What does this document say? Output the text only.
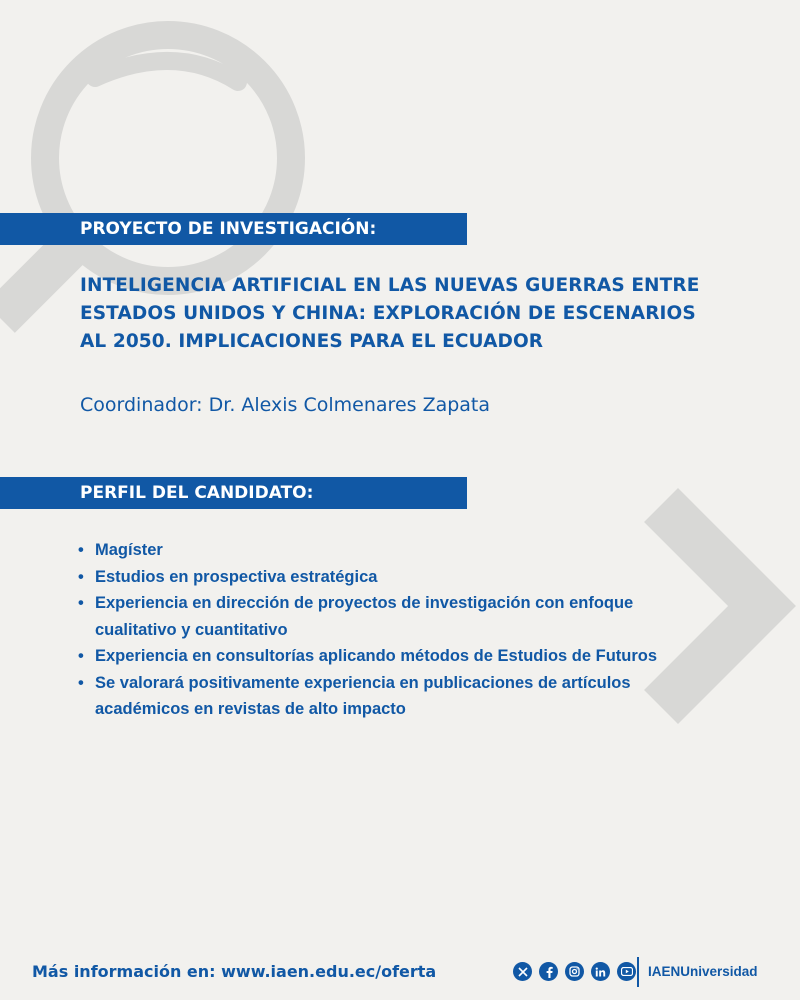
PROYECTO DE INVESTIGACIÓN:
INTELIGENCIA ARTIFICIAL EN LAS NUEVAS GUERRAS ENTRE
ESTADOS UNIDOS Y CHINA: EXPLORACIÓN DE ESCENARIOS
AL 2050. IMPLICACIONES PARA EL ECUADOR
Coordinador: Dr. Alexis Colmenares Zapata
PERFIL DEL CANDIDATO:
• Magíster
• Estudios en prospectiva estratégica
• Experiencia en dirección de proyectos de investigación con enfoque
cualitativo y cuantitativo
• Experiencia en consultorías aplicando métodos de Estudios de Futuros
• Se valorará positivamente experiencia en publicaciones de artículos
académicos en revistas de alto impacto
Más información en: www.iaen.edu.ec/oferta	IAENUniversidad
